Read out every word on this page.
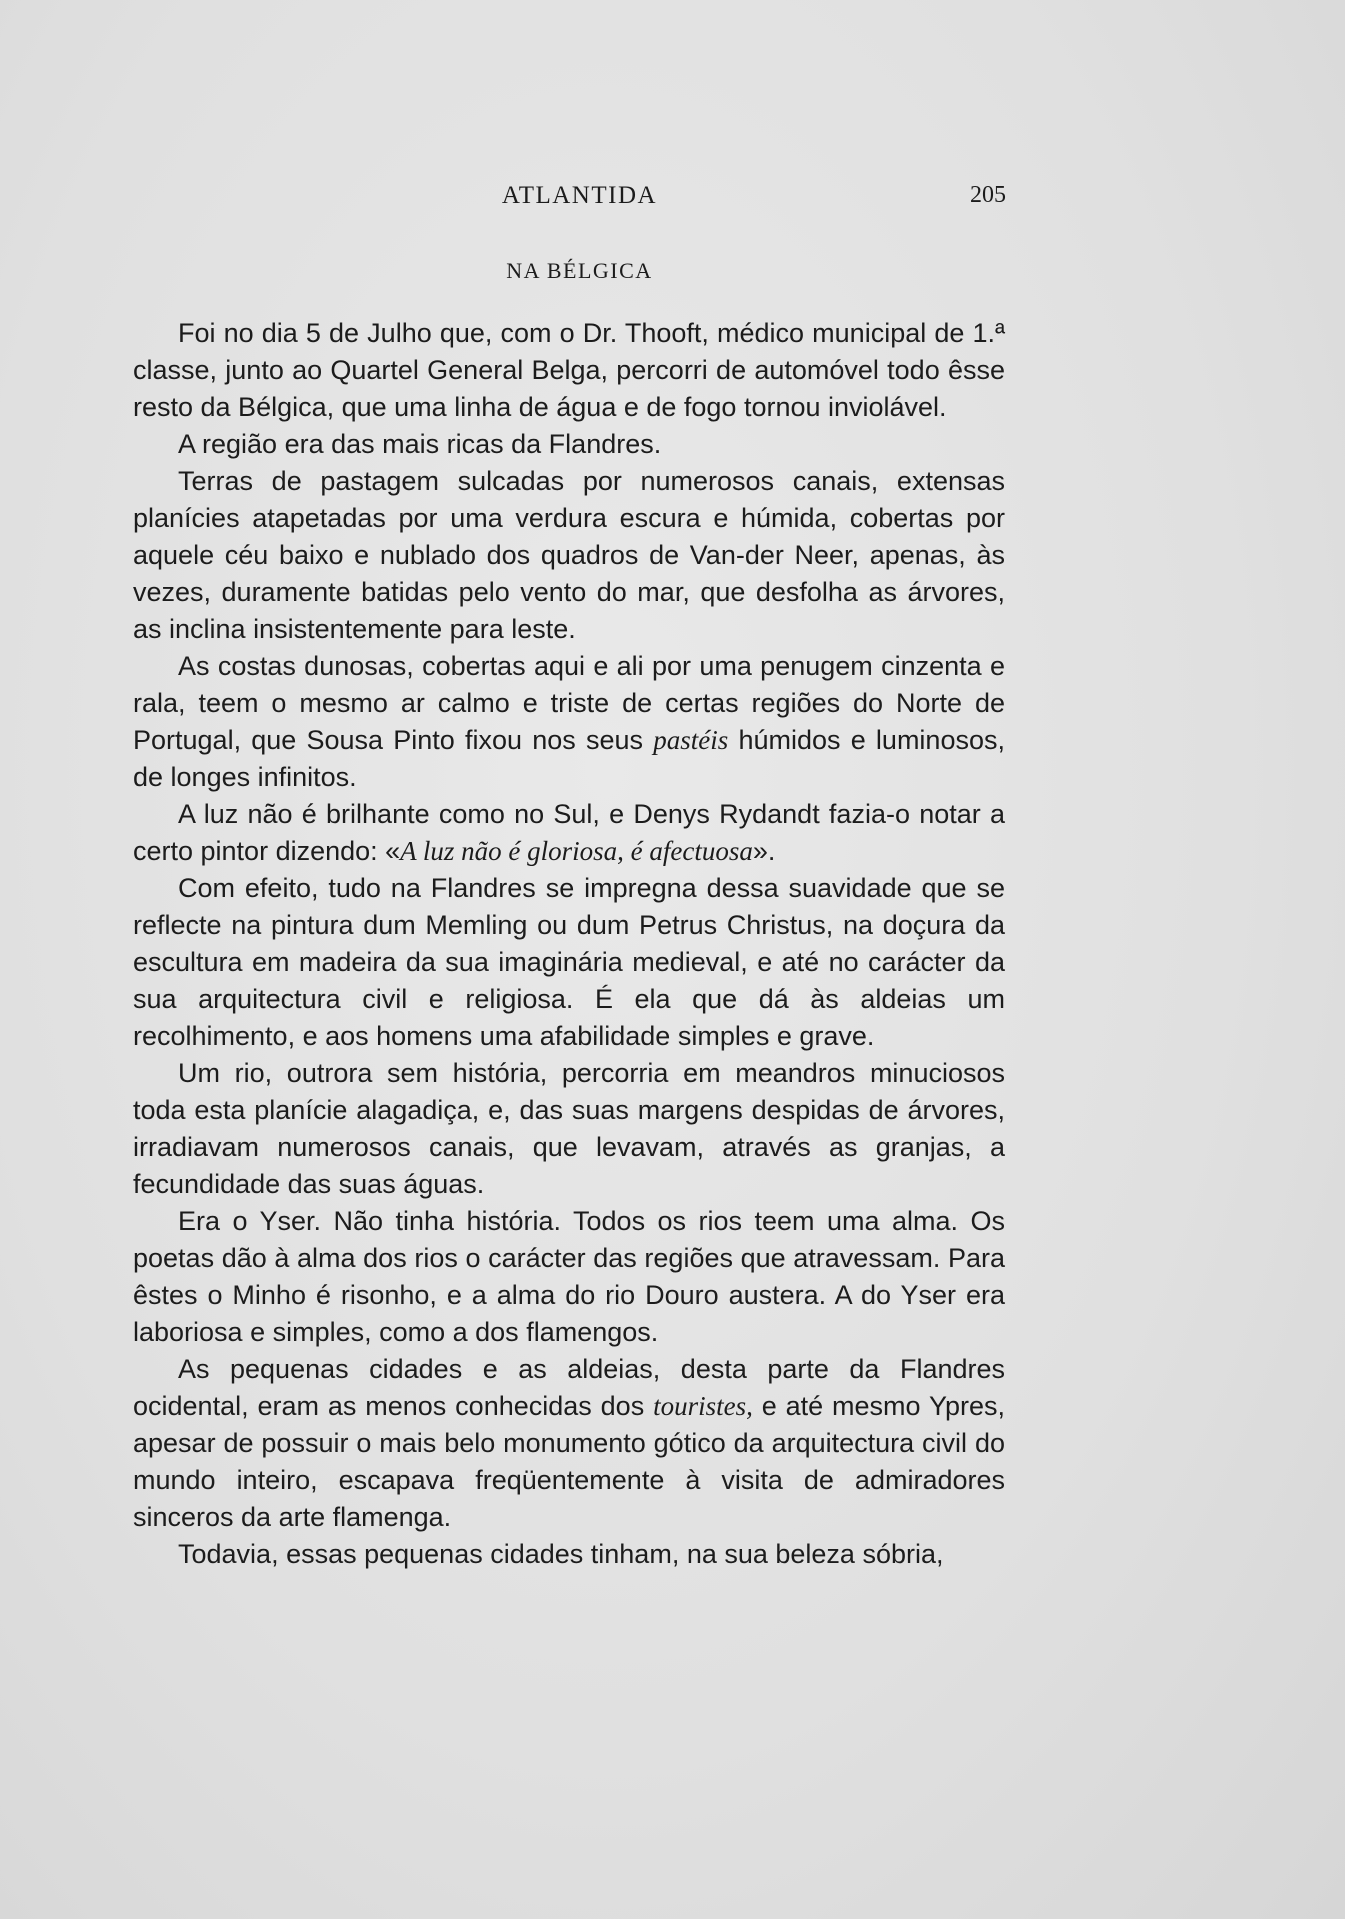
ATLANTIDA	205
NA BÉLGICA

Foi no dia 5 de Julho que, com o Dr. Thooft, médico municipal de 1.ª classe, junto ao Quartel General Belga, percorri de automóvel todo êsse resto da Bélgica, que uma linha de água e de fogo tornou inviolável.

A região era das mais ricas da Flandres.

Terras de pastagem sulcadas por numerosos canais, extensas planícies atapetadas por uma verdura escura e húmida, cobertas por aquele céu baixo e nublado dos quadros de Van-der Neer, apenas, às vezes, duramente batidas pelo vento do mar, que desfolha as árvores, as inclina insistentemente para leste.

As costas dunosas, cobertas aqui e ali por uma penugem cinzenta e rala, teem o mesmo ar calmo e triste de certas regiões do Norte de Portugal, que Sousa Pinto fixou nos seus pastéis húmidos e luminosos, de longes infinitos.

A luz não é brilhante como no Sul, e Denys Rydandt fazia-o notar a certo pintor dizendo: «A luz não é gloriosa, é afectuosa».

Com efeito, tudo na Flandres se impregna dessa suavidade que se reflecte na pintura dum Memling ou dum Petrus Christus, na doçura da escultura em madeira da sua imaginária medieval, e até no carácter da sua arquitectura civil e religiosa. É ela que dá às aldeias um recolhimento, e aos homens uma afabilidade simples e grave.

Um rio, outrora sem história, percorria em meandros minuciosos toda esta planície alagadiça, e, das suas margens despidas de árvores, irradiavam numerosos canais, que levavam, através as granjas, a fecundidade das suas águas.

Era o Yser. Não tinha história. Todos os rios teem uma alma. Os poetas dão à alma dos rios o carácter das regiões que atravessam. Para êstes o Minho é risonho, e a alma do rio Douro austera. A do Yser era laboriosa e simples, como a dos flamengos.

As pequenas cidades e as aldeias, desta parte da Flandres ocidental, eram as menos conhecidas dos touristes, e até mesmo Ypres, apesar de possuir o mais belo monumento gótico da arquitectura civil do mundo inteiro, escapava freqüentemente à visita de admiradores sinceros da arte flamenga.

Todavia, essas pequenas cidades tinham, na sua beleza sóbria,
